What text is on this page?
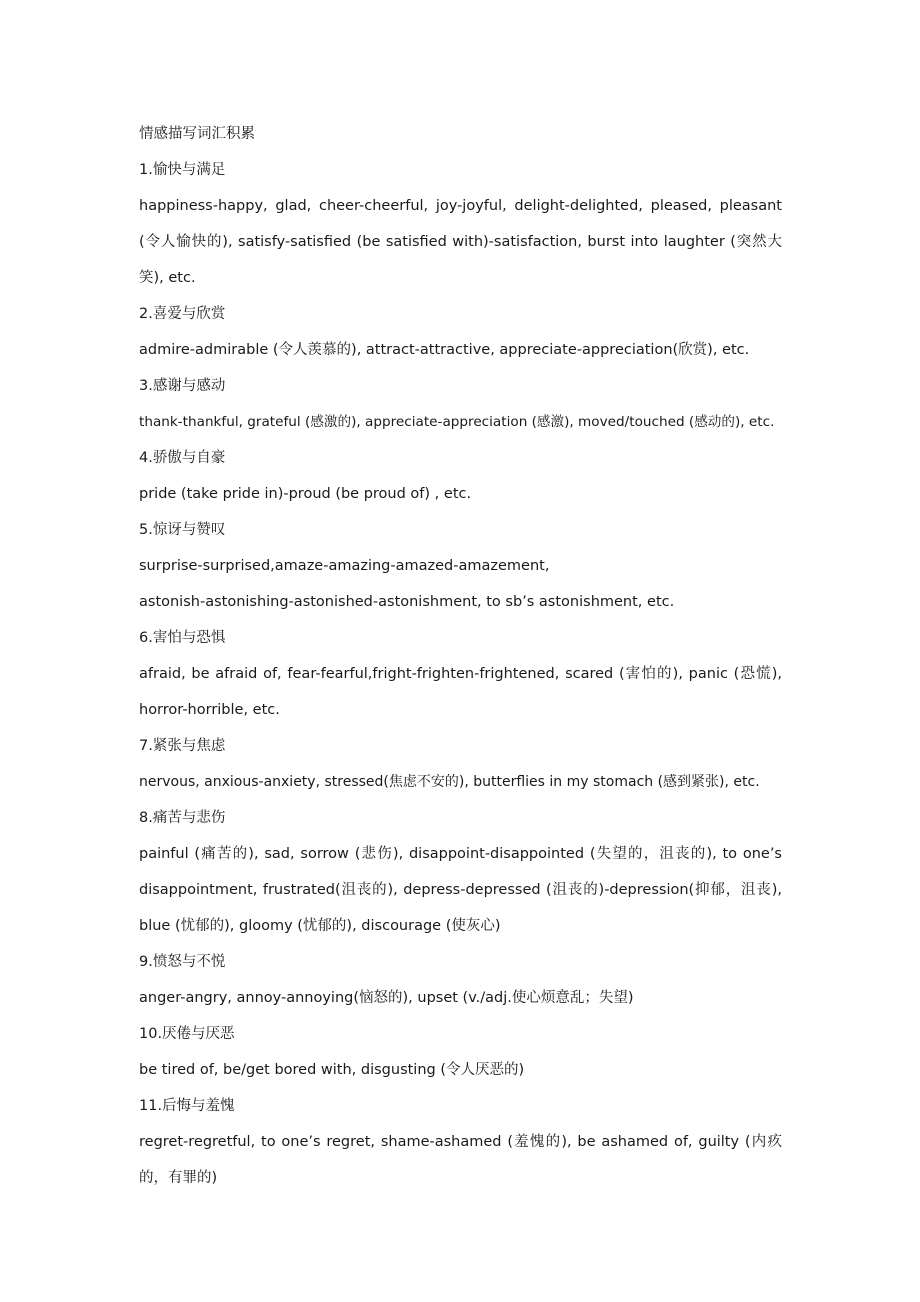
情感描写词汇积累

1.愉快与满足

happiness-happy, glad, cheer-cheerful, joy-joyful, delight-delighted, pleased, pleasant (令人愉快的), satisfy-satisfied (be satisfied with)-satisfaction, burst into laughter (突然大笑), etc.

2.喜爱与欣赏

admire-admirable (令人羡慕的), attract-attractive, appreciate-appreciation(欣赏), etc.

3.感谢与感动

thank-thankful, grateful (感激的), appreciate-appreciation (感激), moved/touched (感动的), etc.

4.骄傲与自豪

pride (take pride in)-proud (be proud of) , etc.

5.惊讶与赞叹

surprise-surprised,amaze-amazing-amazed-amazement,

astonish-astonishing-astonished-astonishment, to sb’s astonishment, etc.

6.害怕与恐惧

afraid, be afraid of, fear-fearful,fright-frighten-frightened, scared (害怕的), panic (恐慌), horror-horrible, etc.

7.紧张与焦虑

nervous, anxious-anxiety, stressed(焦虑不安的), butterflies in my stomach (感到紧张), etc.

8.痛苦与悲伤

painful (痛苦的), sad, sorrow (悲伤), disappoint-disappointed (失望的，沮丧的), to one’s disappointment, frustrated(沮丧的), depress-depressed (沮丧的)-depression(抑郁，沮丧), blue (忧郁的), gloomy (忧郁的), discourage (使灰心)

9.愤怒与不悦

anger-angry, annoy-annoying(恼怒的), upset (v./adj.使心烦意乱；失望)

10.厌倦与厌恶

be tired of, be/get bored with, disgusting (令人厌恶的)

11.后悔与羞愧

regret-regretful, to one’s regret, shame-ashamed (羞愧的), be ashamed of, guilty (内疚的，有罪的)
